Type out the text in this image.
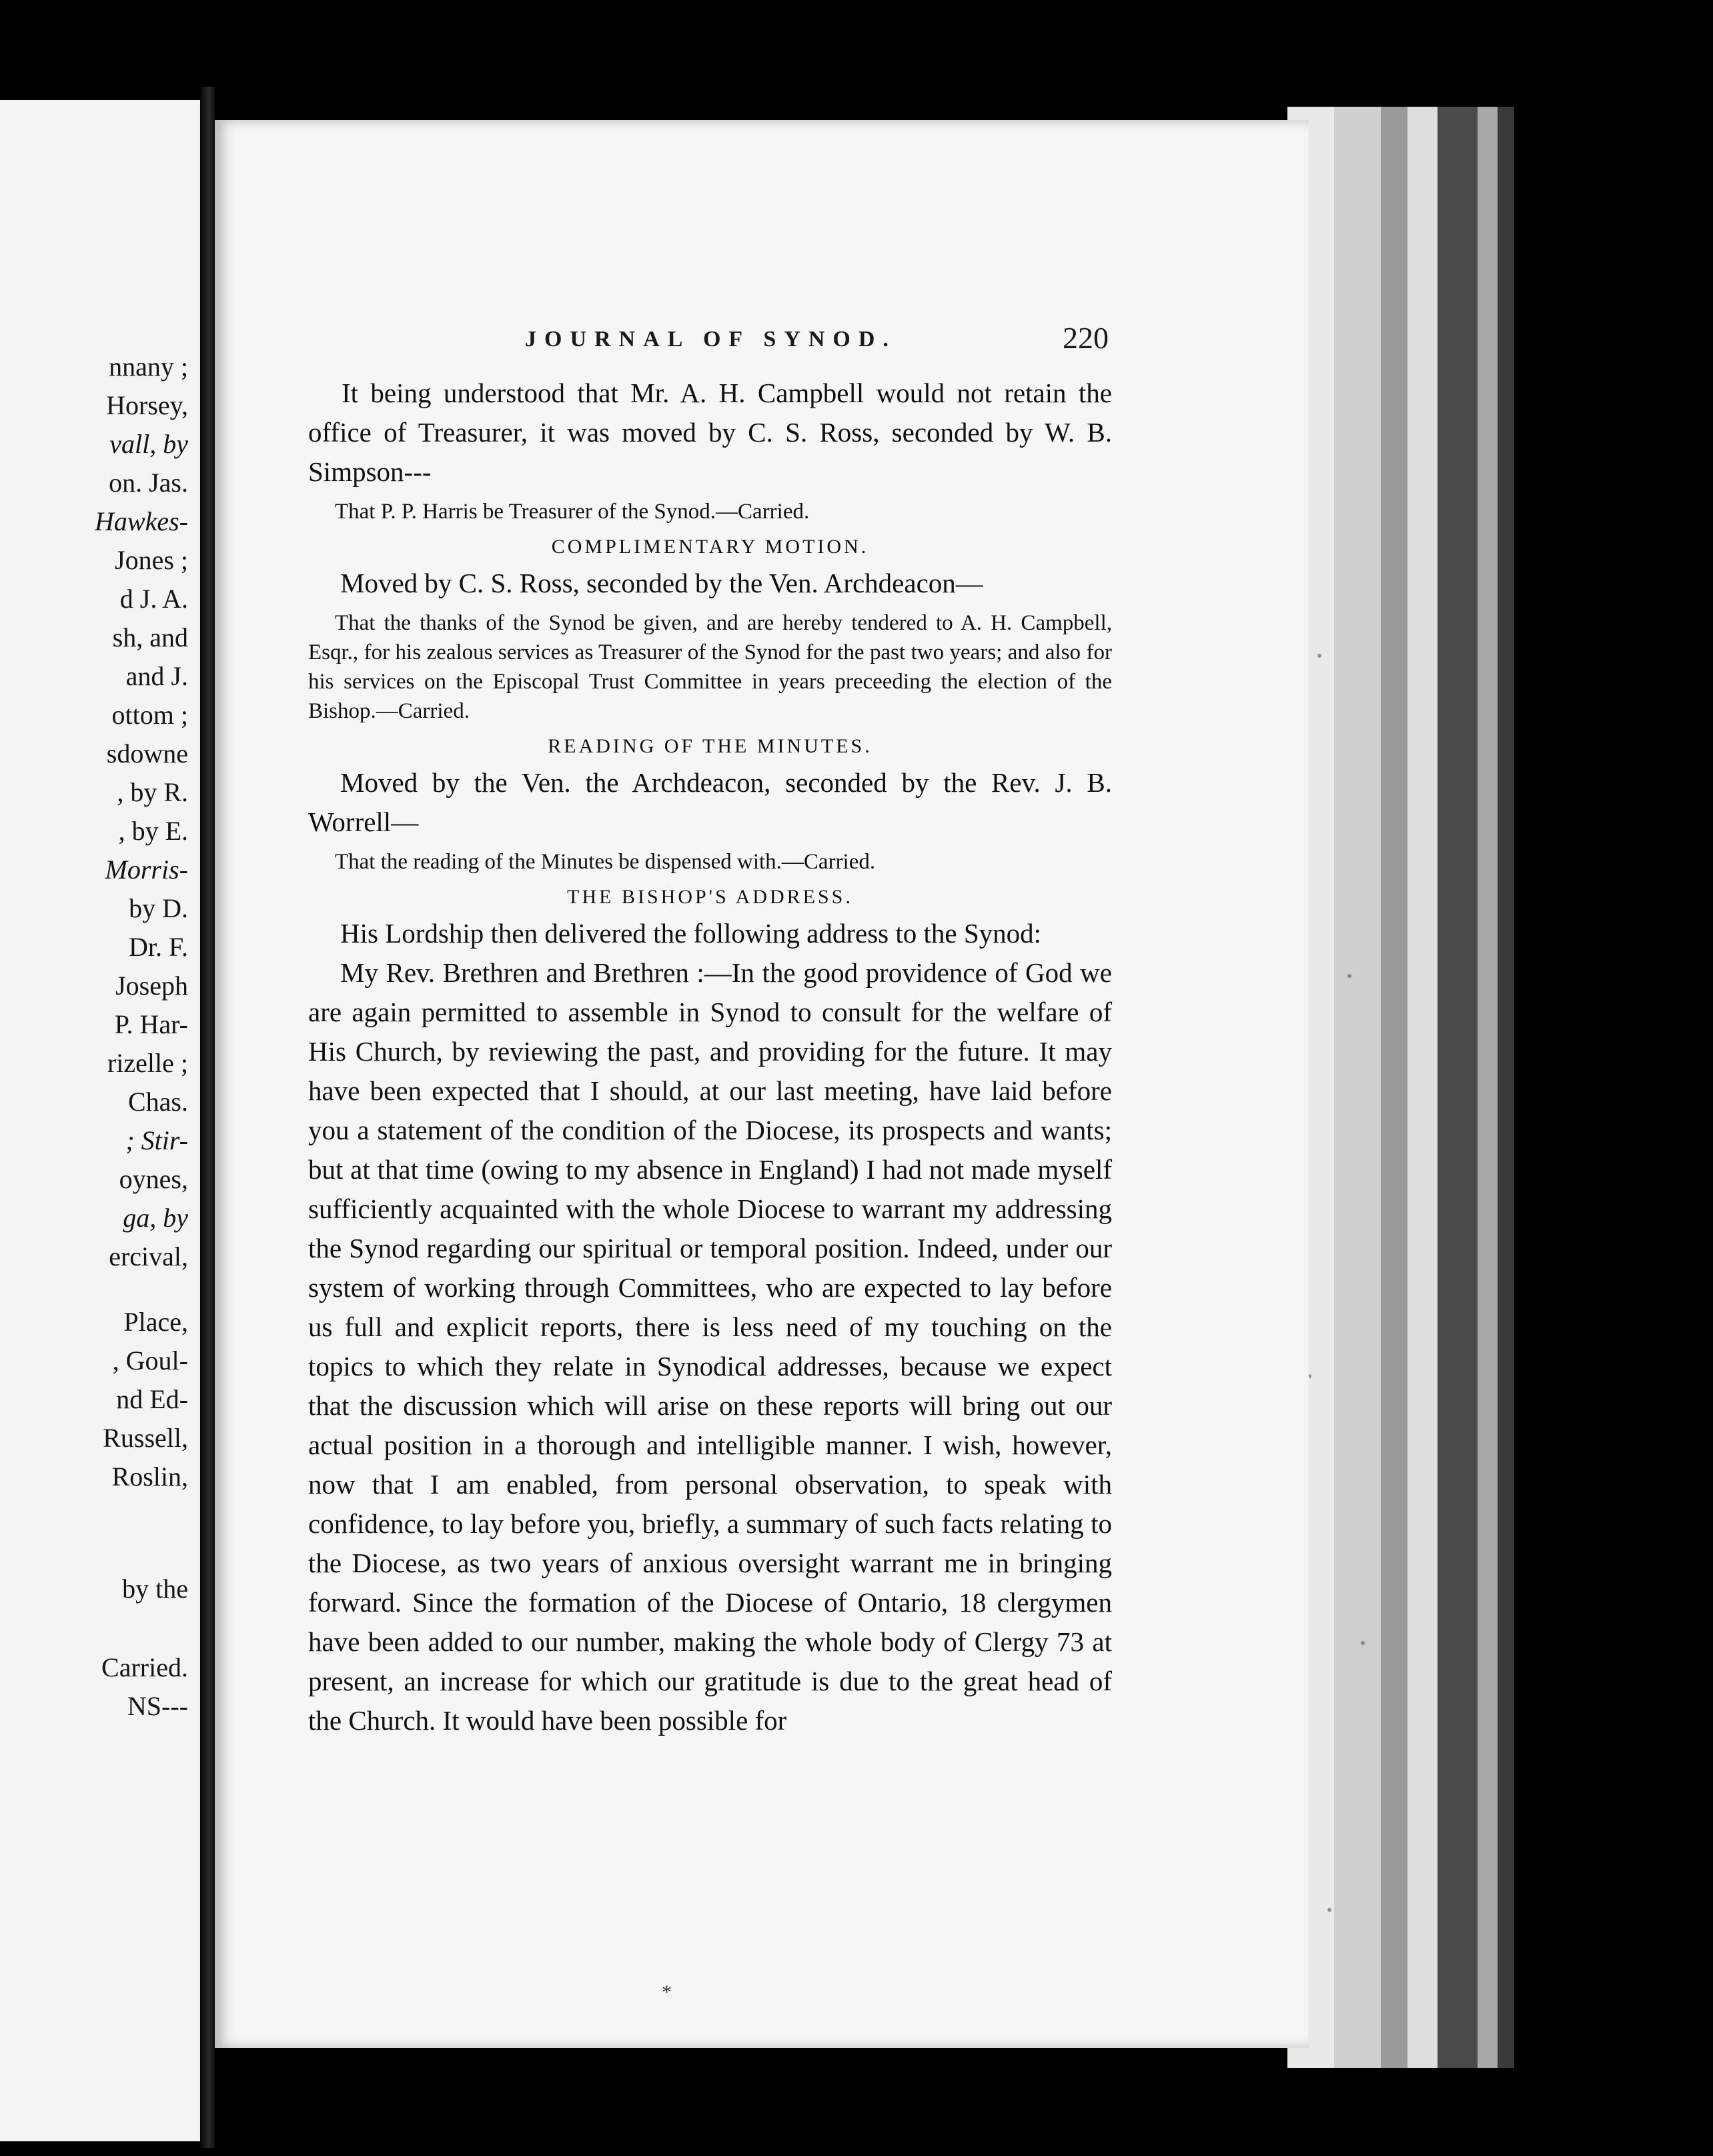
nnany ;
Horsey,
vall, by
on. Jas.
Hawkes-
Jones ;
d J. A.
sh, and
and J.
ottom ;
sdowne
, by R.
, by E.
Morris-
by D.
Dr. F.
Joseph
P. Har-
rizelle ;
Chas.
; Stir-
oynes,
ga, by
ercival,
Place,
, Goul-
nd Ed-
Russell,
Roslin,
by the
Carried.
NS---
JOURNAL OF SYNOD.	220

It being understood that Mr. A. H. Campbell would not retain the office of Treasurer, it was moved by C. S. Ross, seconded by W. B. Simpson---

That P. P. Harris be Treasurer of the Synod.—Carried.

COMPLIMENTARY MOTION.

Moved by C. S. Ross, seconded by the Ven. Archdeacon—

That the thanks of the Synod be given, and are hereby tendered to A. H. Campbell, Esqr., for his zealous services as Treasurer of the Synod for the past two years; and also for his services on the Episcopal Trust Committee in years preceeding the election of the Bishop.—Carried.

READING OF THE MINUTES.

Moved by the Ven. the Archdeacon, seconded by the Rev. J. B. Worrell—

That the reading of the Minutes be dispensed with.—Carried.

THE BISHOP'S ADDRESS.

His Lordship then delivered the following address to the Synod:

My Rev. Brethren and Brethren :—In the good providence of God we are again permitted to assemble in Synod to consult for the welfare of His Church, by reviewing the past, and providing for the future. It may have been expected that I should, at our last meeting, have laid before you a statement of the condition of the Diocese, its prospects and wants; but at that time (owing to my absence in England) I had not made myself sufficiently acquainted with the whole Diocese to warrant my addressing the Synod regarding our spiritual or temporal position. Indeed, under our system of working through Committees, who are expected to lay before us full and explicit reports, there is less need of my touching on the topics to which they relate in Synodical addresses, because we expect that the discussion which will arise on these reports will bring out our actual position in a thorough and intelligible manner. I wish, however, now that I am enabled, from personal observation, to speak with confidence, to lay before you, briefly, a summary of such facts relating to the Diocese, as two years of anxious oversight warrant me in bringing forward. Since the formation of the Diocese of Ontario, 18 clergymen have been added to our number, making the whole body of Clergy 73 at present, an increase for which our gratitude is due to the great head of the Church. It would have been possible for

*
